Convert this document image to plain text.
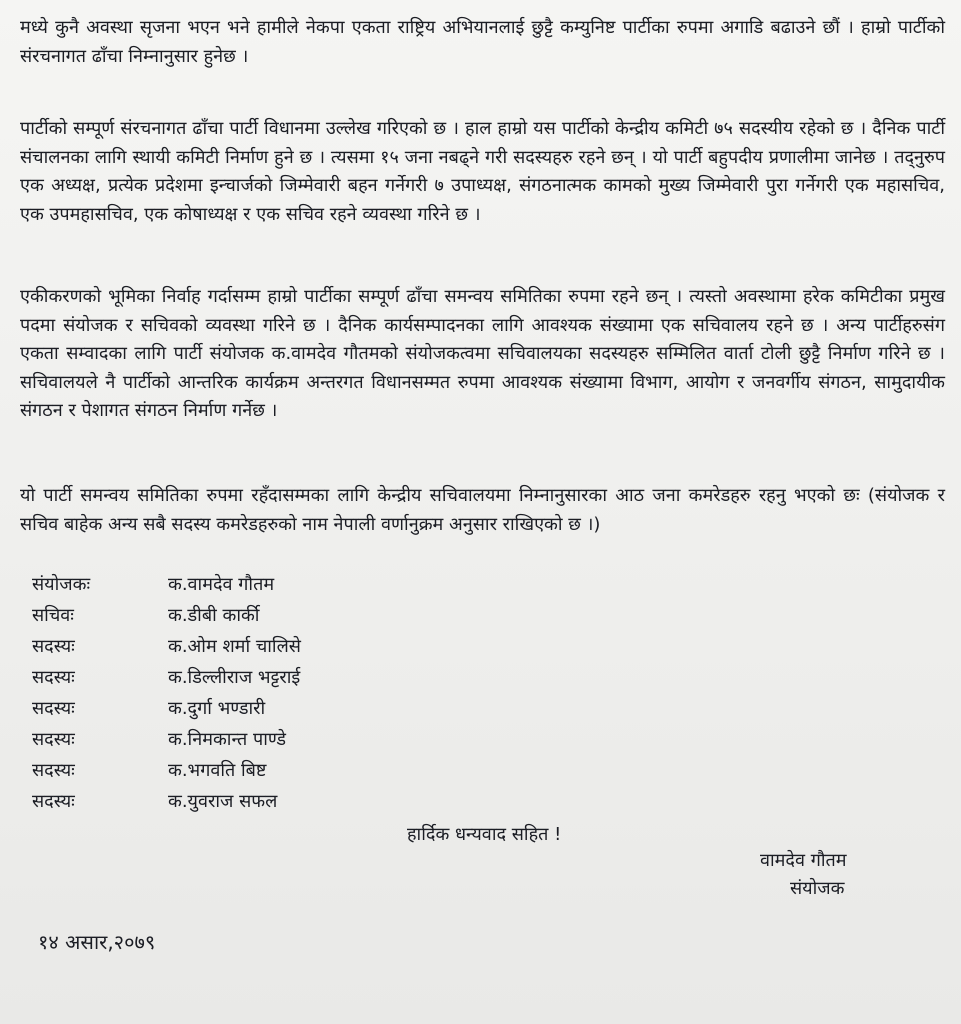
मध्ये कुनै अवस्था सृजना भएन भने हामीले नेकपा एकता राष्ट्रिय अभियानलाई छुट्टै कम्युनिष्ट पार्टीका रुपमा अगाडि बढाउने छौं । हाम्रो पार्टीको संरचनागत ढाँचा निम्नानुसार हुनेछ ।

पार्टीको सम्पूर्ण संरचनागत ढाँचा पार्टी विधानमा उल्लेख गरिएको छ । हाल हाम्रो यस पार्टीको केन्द्रीय कमिटी ७५ सदस्यीय रहेको छ । दैनिक पार्टी संचालनका लागि स्थायी कमिटी निर्माण हुने छ । त्यसमा १५ जना नबढ्ने गरी सदस्यहरु रहने छन् । यो पार्टी बहुपदीय प्रणालीमा जानेछ । तद्नुरुप एक अध्यक्ष, प्रत्येक प्रदेशमा इन्चार्जको जिम्मेवारी बहन गर्नेगरी ७ उपाध्यक्ष, संगठनात्मक कामको मुख्य जिम्मेवारी पुरा गर्नेगरी एक महासचिव, एक उपमहासचिव, एक कोषाध्यक्ष र एक सचिव रहने व्यवस्था गरिने छ ।

एकीकरणको भूमिका निर्वाह गर्दासम्म हाम्रो पार्टीका सम्पूर्ण ढाँचा समन्वय समितिका रुपमा रहने छन् । त्यस्तो अवस्थामा हरेक कमिटीका प्रमुख पदमा संयोजक र सचिवको व्यवस्था गरिने छ । दैनिक कार्यसम्पादनका लागि आवश्यक संख्यामा एक सचिवालय रहने छ । अन्य पार्टीहरुसंग एकता सम्वादका लागि पार्टी संयोजक क.वामदेव गौतमको संयोजकत्वमा सचिवालयका सदस्यहरु सम्मिलित वार्ता टोली छुट्टै निर्माण गरिने छ । सचिवालयले नै पार्टीको आन्तरिक कार्यक्रम अन्तरगत विधानसम्मत रुपमा आवश्यक संख्यामा विभाग, आयोग र जनवर्गीय संगठन, सामुदायीक संगठन र पेशागत संगठन निर्माण गर्नेछ ।

यो पार्टी समन्वय समितिका रुपमा रहँदासम्मका लागि केन्द्रीय सचिवालयमा निम्नानुसारका आठ जना कमरेडहरु रहनु भएको छः (संयोजक र सचिव बाहेक अन्य सबै सदस्य कमरेडहरुको नाम नेपाली वर्णानुक्रम अनुसार राखिएको छ ।)

संयोजकः	क.वामदेव गौतम
सचिवः	क.डीबी कार्की
सदस्यः	क.ओम शर्मा चालिसे
सदस्यः	क.डिल्लीराज भट्टराई
सदस्यः	क.दुर्गा भण्डारी
सदस्यः	क.निमकान्त पाण्डे
सदस्यः	क.भगवति बिष्ट
सदस्यः	क.युवराज सफल
हार्दिक धन्यवाद सहित !
वामदेव गौतम
संयोजक
१४ असार,२०७९
